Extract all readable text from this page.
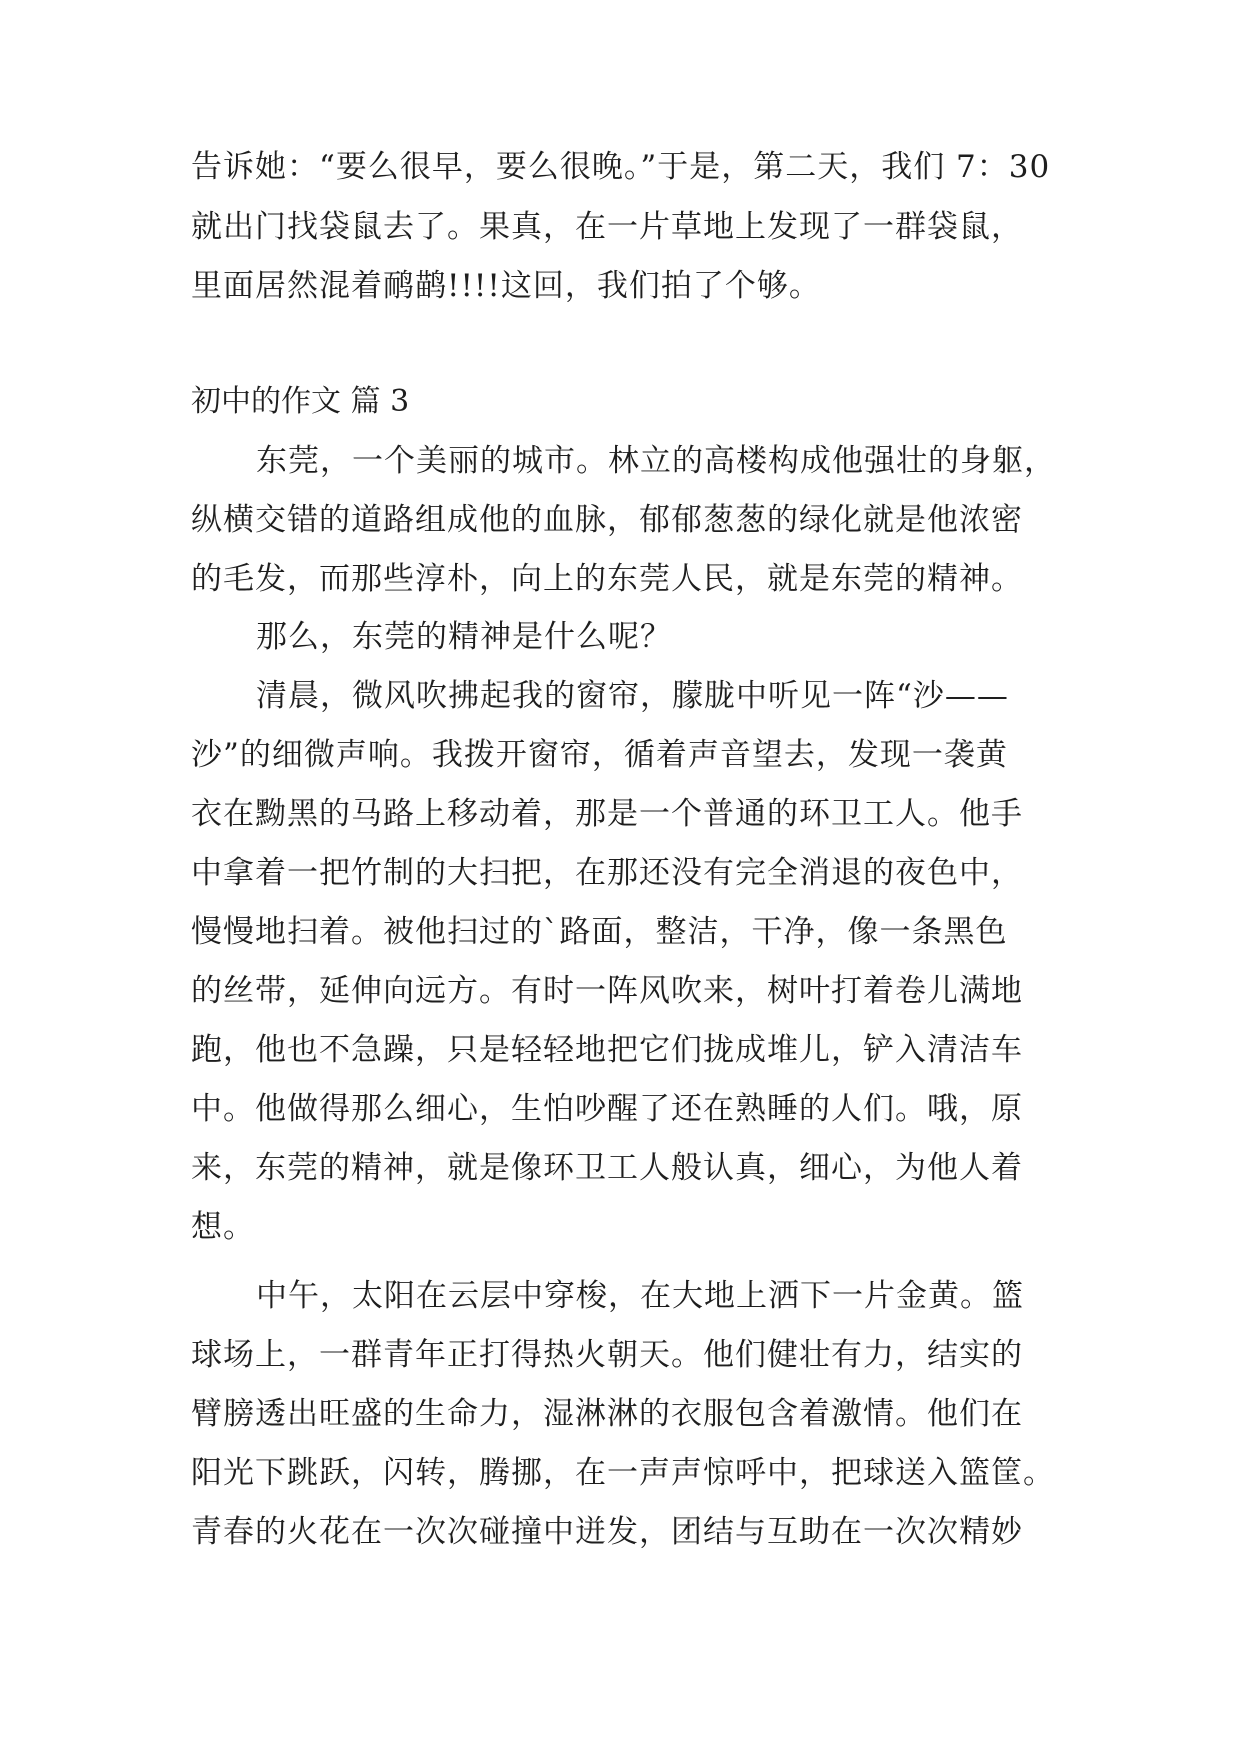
告诉她：“要么很早，要么很晚。”于是，第二天，我们 7：30
就出门找袋鼠去了。果真，在一片草地上发现了一群袋鼠，
里面居然混着鸸鹋!!!!这回，我们拍了个够。
初中的作文 篇 3
东莞，一个美丽的城市。林立的高楼构成他强壮的身躯，
纵横交错的道路组成他的血脉，郁郁葱葱的绿化就是他浓密
的毛发，而那些淳朴，向上的东莞人民，就是东莞的精神。
那么，东莞的精神是什么呢？
清晨，微风吹拂起我的窗帘，朦胧中听见一阵“沙——
沙”的细微声响。我拨开窗帘，循着声音望去，发现一袭黄
衣在黝黑的马路上移动着，那是一个普通的环卫工人。他手
中拿着一把竹制的大扫把，在那还没有完全消退的夜色中，
慢慢地扫着。被他扫过的`路面，整洁，干净，像一条黑色
的丝带，延伸向远方。有时一阵风吹来，树叶打着卷儿满地
跑，他也不急躁，只是轻轻地把它们拢成堆儿，铲入清洁车
中。他做得那么细心，生怕吵醒了还在熟睡的人们。哦，原
来，东莞的精神，就是像环卫工人般认真，细心，为他人着
想。
中午，太阳在云层中穿梭，在大地上洒下一片金黄。篮
球场上，一群青年正打得热火朝天。他们健壮有力，结实的
臂膀透出旺盛的生命力，湿淋淋的衣服包含着激情。他们在
阳光下跳跃，闪转，腾挪，在一声声惊呼中，把球送入篮筐。
青春的火花在一次次碰撞中迸发，团结与互助在一次次精妙
